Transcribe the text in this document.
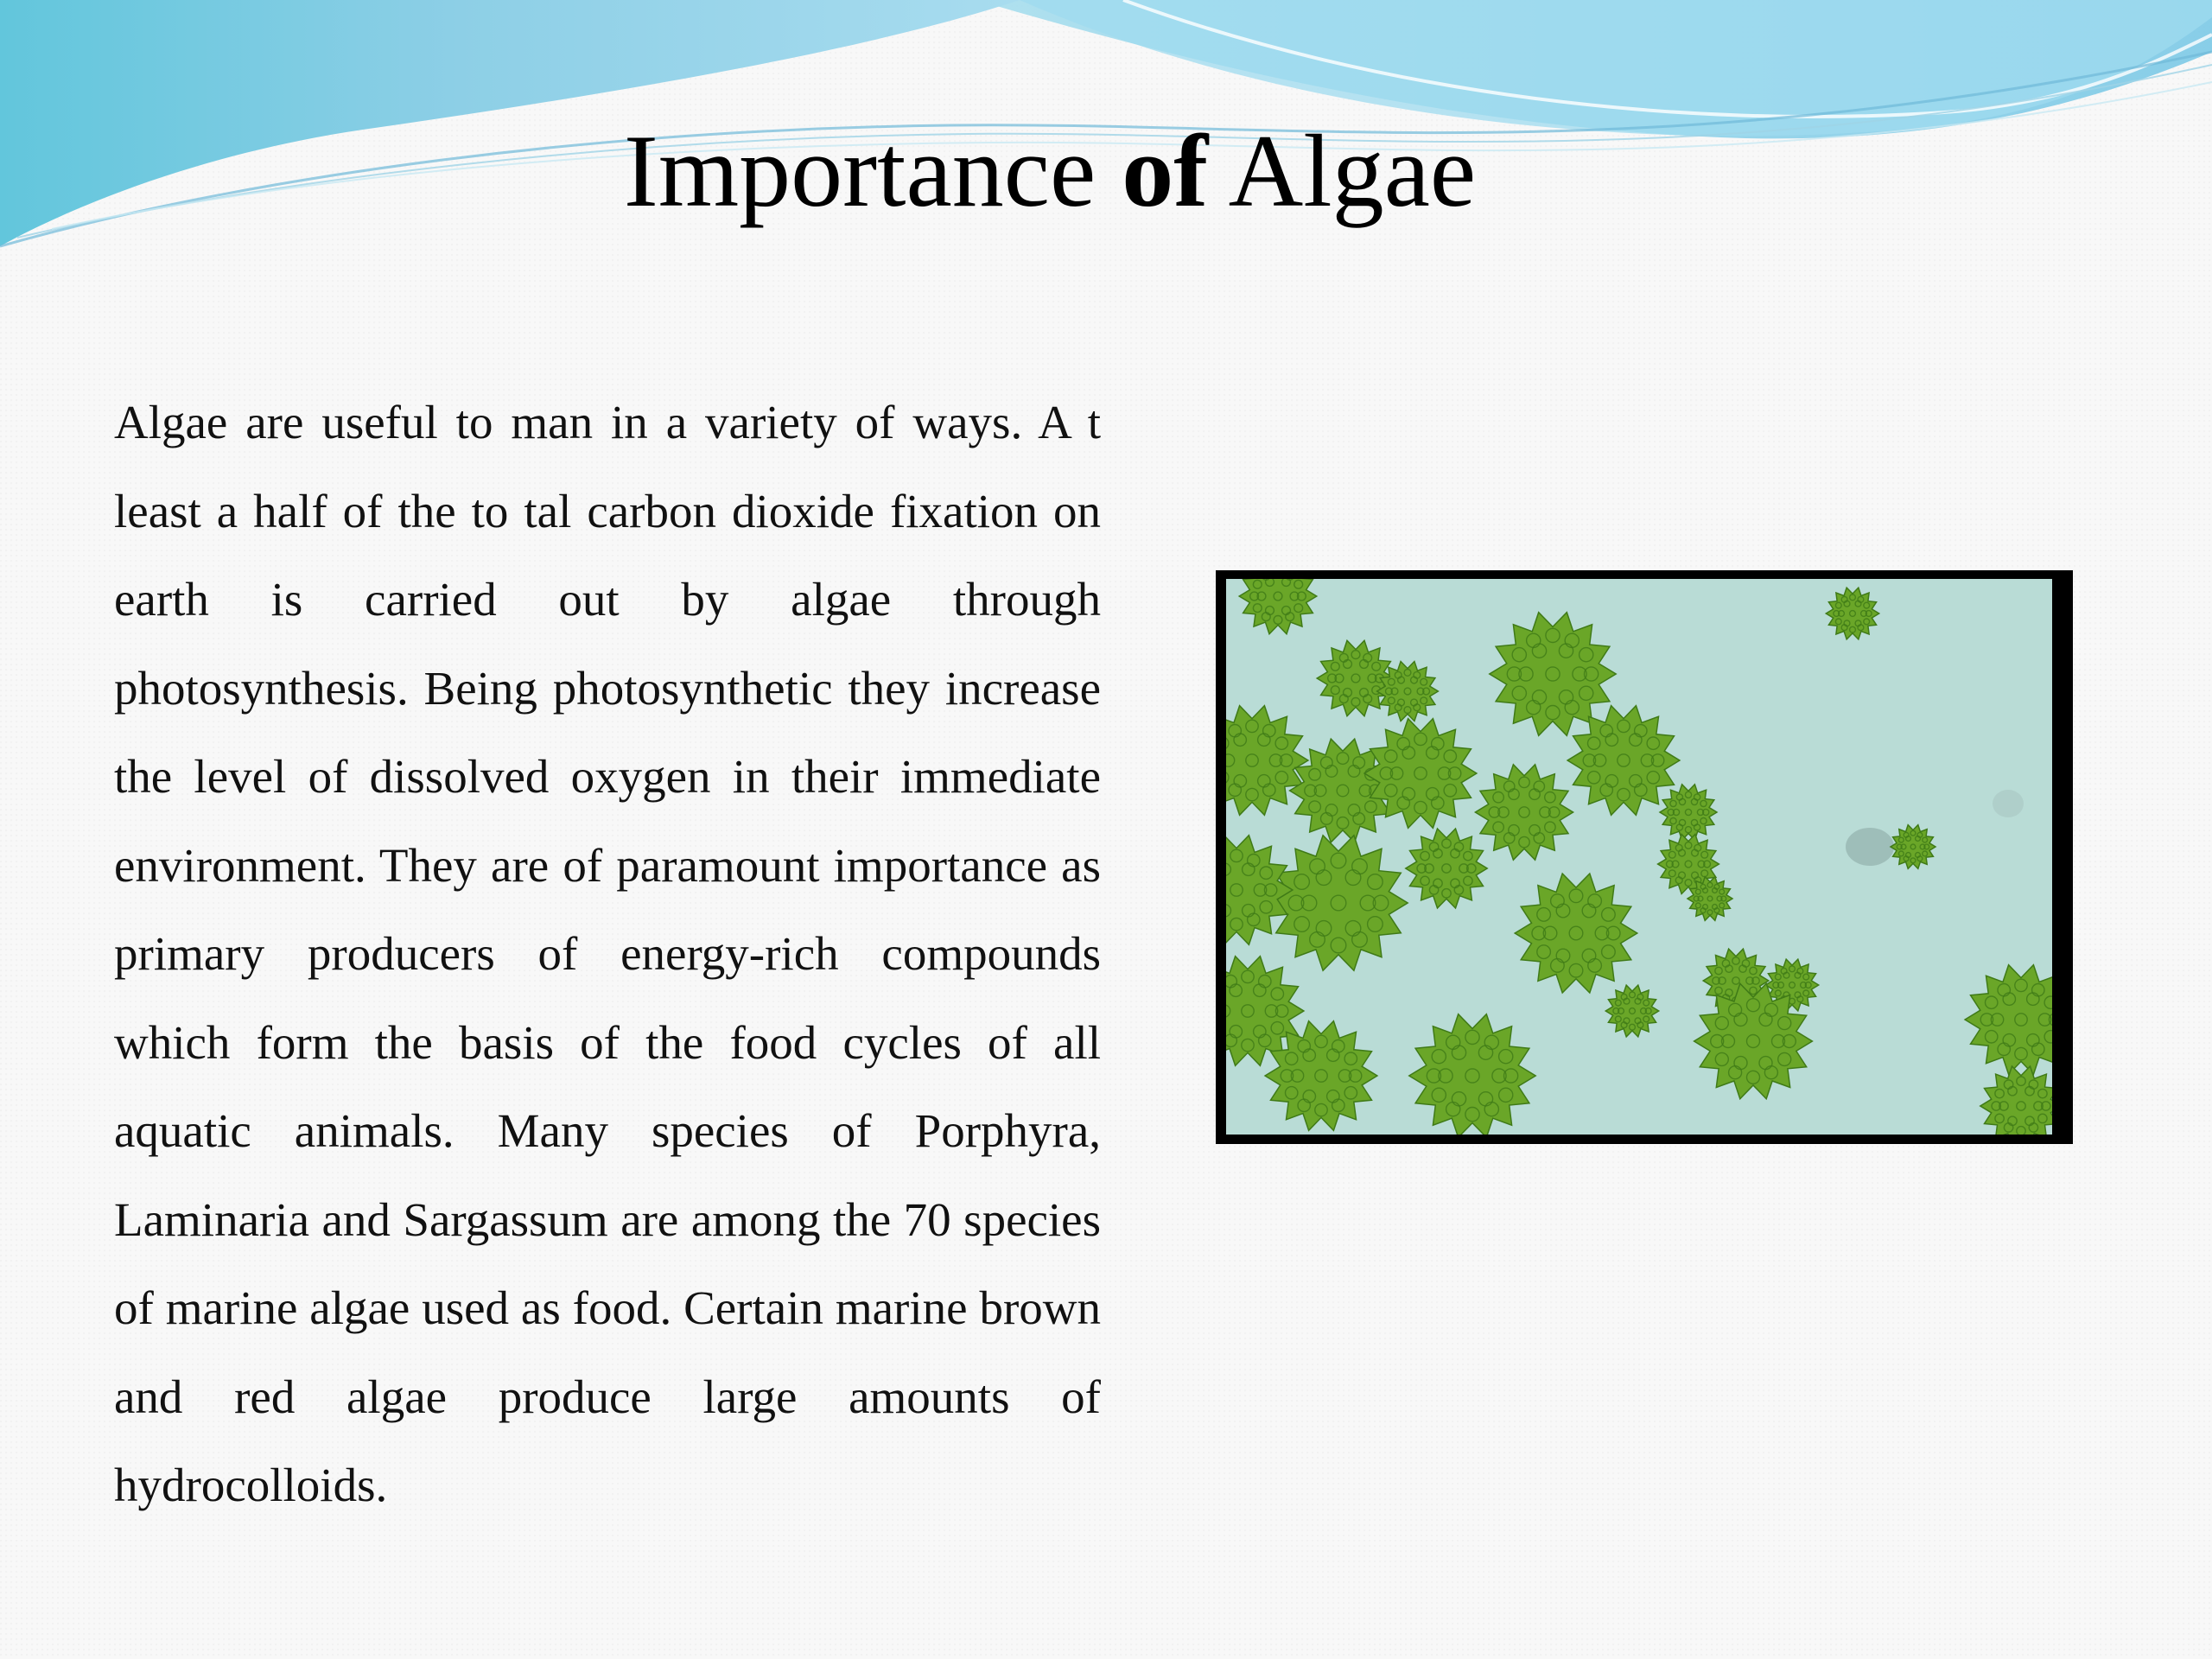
Importance of Algae

Algae are useful to man in a variety of ways. A t least a half of the to tal carbon dioxide fixation on earth is carried out by algae through photosynthesis. Being photosynthetic they increase the level of dissolved oxygen in their immediate environment. They are of paramount importance as primary producers of energy-rich compounds which form the basis of the food cycles of all aquatic animals. Many species of Porphyra, Laminaria and Sargassum are among the 70 species of marine algae used as food. Certain marine brown and red algae produce large amounts of hydrocolloids.
